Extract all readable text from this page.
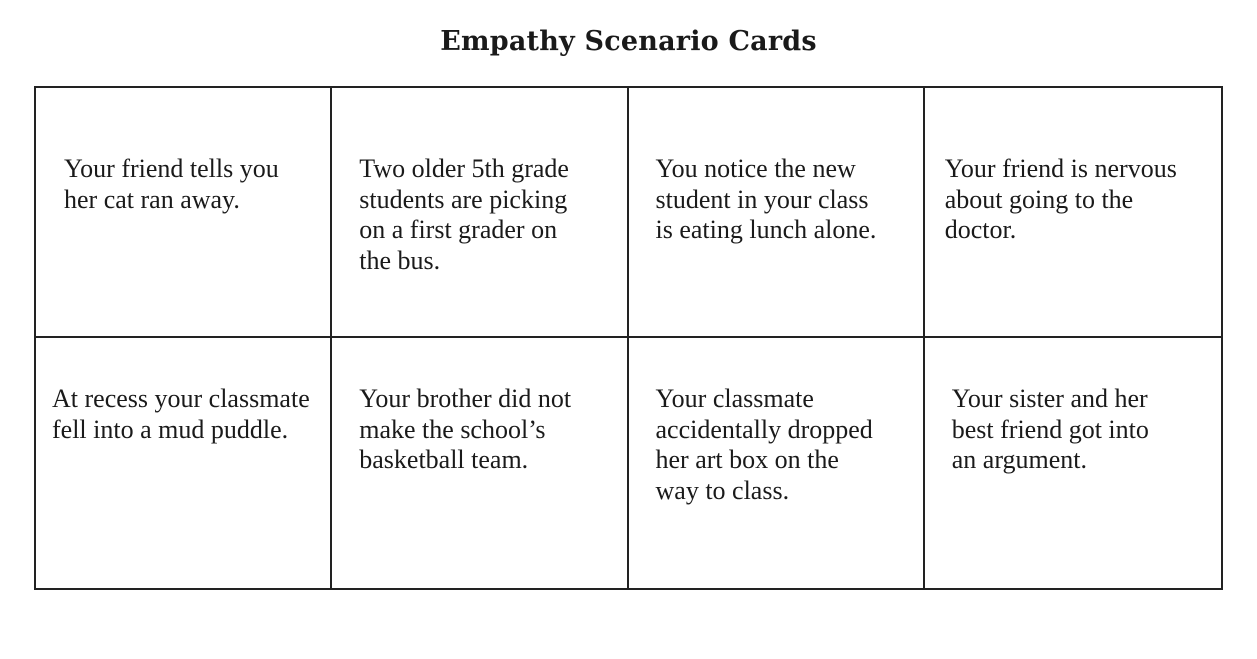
Empathy Scenario Cards

Your friend tells you
her cat ran away.

Two older 5th grade
students are picking
on a first grader on
the bus.

You notice the new
student in your class
is eating lunch alone.

Your friend is nervous
about going to the
doctor.

At recess your classmate
fell into a mud puddle.

Your brother did not
make the school’s
basketball team.

Your classmate
accidentally dropped
her art box on the
way to class.

Your sister and her
best friend got into
an argument.
